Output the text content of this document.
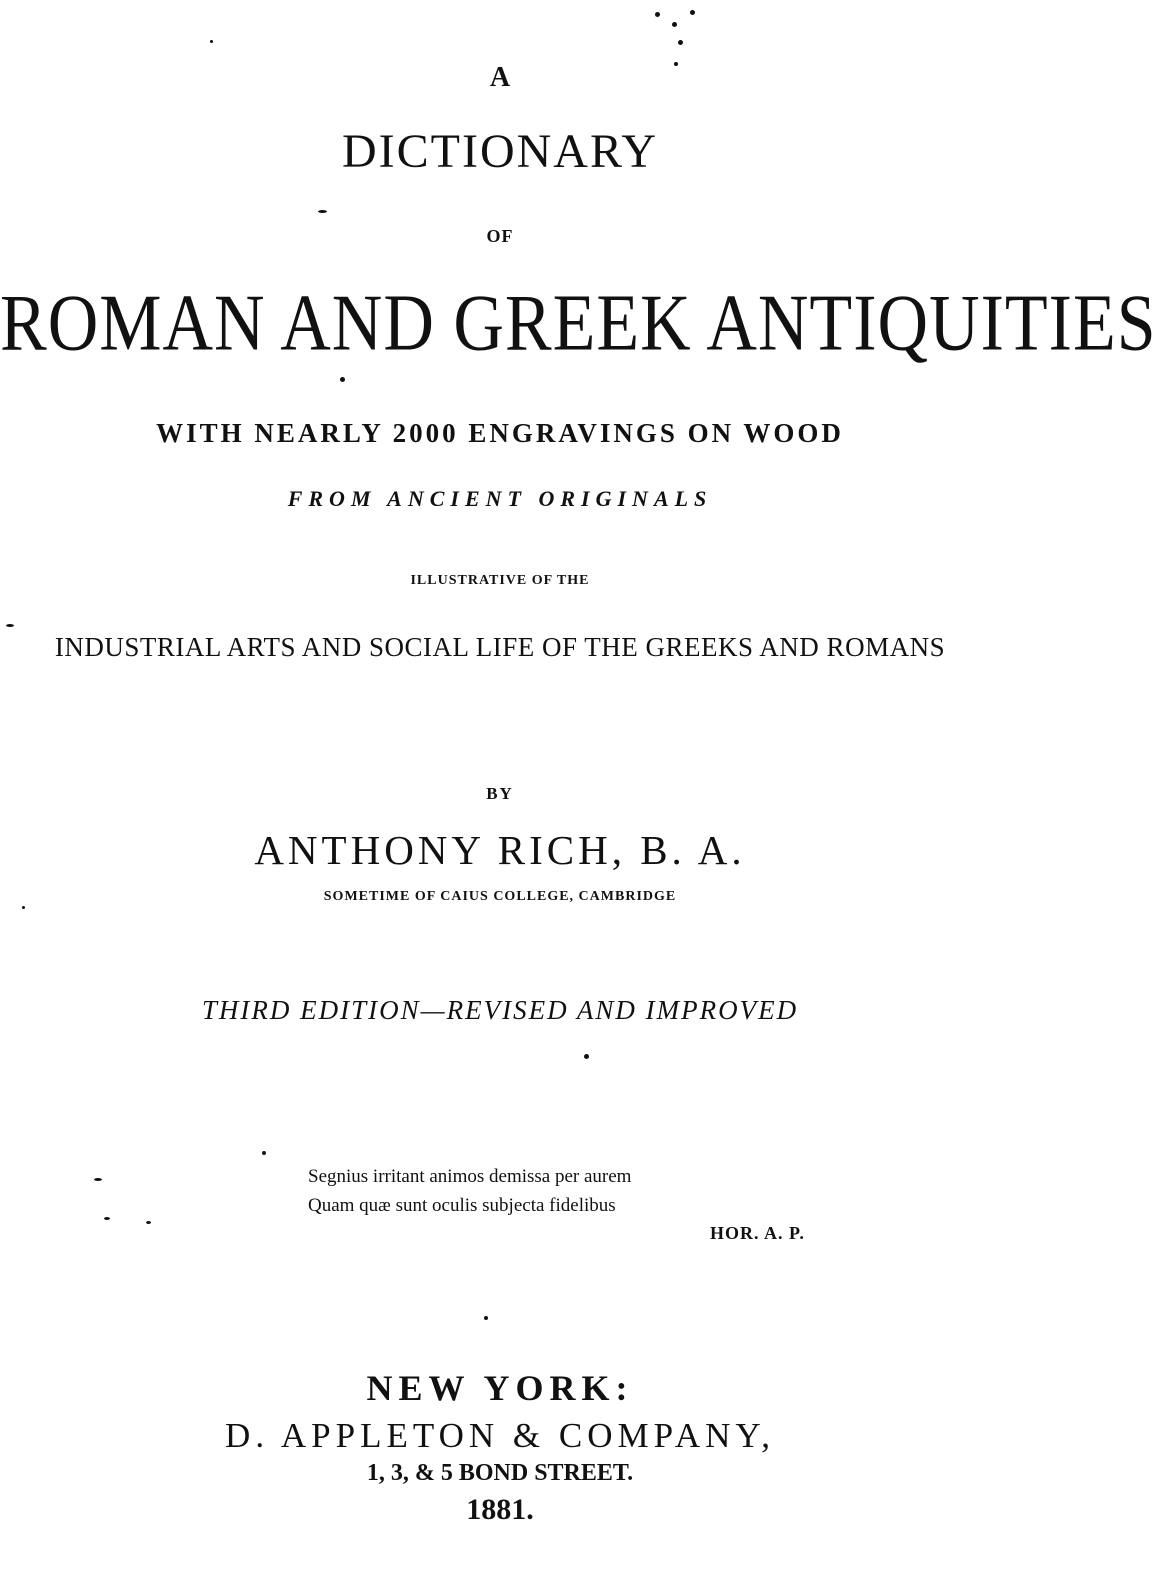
A

DICTIONARY

OF

ROMAN AND GREEK ANTIQUITIES

WITH NEARLY 2000 ENGRAVINGS ON WOOD

FROM ANCIENT ORIGINALS

ILLUSTRATIVE OF THE

INDUSTRIAL ARTS AND SOCIAL LIFE OF THE GREEKS AND ROMANS

BY

ANTHONY RICH, B. A.

SOMETIME OF CAIUS COLLEGE, CAMBRIDGE

THIRD EDITION—REVISED AND IMPROVED

Segnius irritant animos demissa per aurem

Quam quæ sunt oculis subjecta fidelibus

HOR. A. P.

NEW YORK:

D. APPLETON & COMPANY,

1, 3, & 5 BOND STREET.

1881.
